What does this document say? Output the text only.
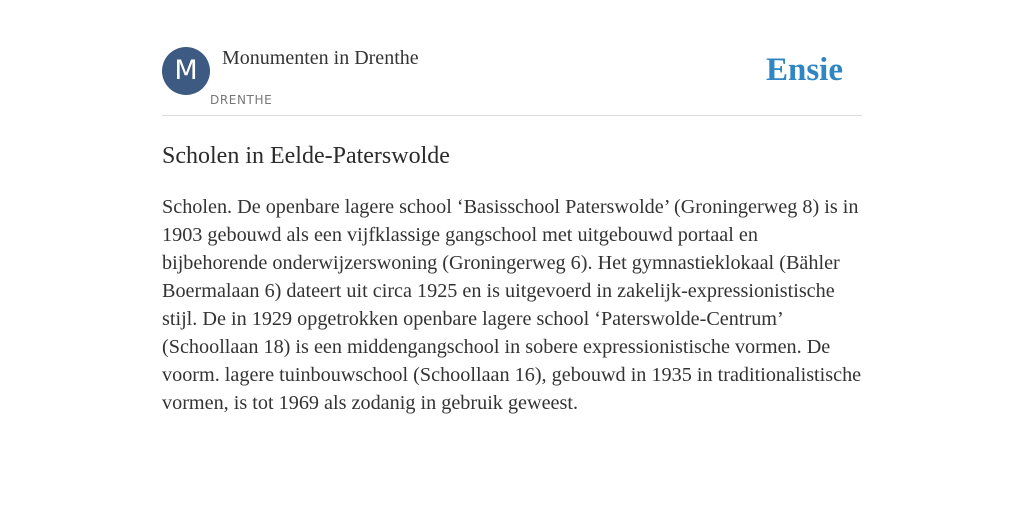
M	Monumenten in Drenthe
DRENTHE
Ensie
Scholen in Eelde-Paterswolde

Scholen. De openbare lagere school ‘Basisschool Paterswolde’ (Groningerweg 8) is in 1903 gebouwd als een vijfklassige gangschool met uitgebouwd portaal en bijbehorende onderwijzerswoning (Groningerweg 6). Het gymnastieklokaal (Bähler Boermalaan 6) dateert uit circa 1925 en is uitgevoerd in zakelijk-expressionistische stijl. De in 1929 opgetrokken openbare lagere school ‘Paterswolde-Centrum’ (Schoollaan 18) is een middengangschool in sobere expressionistische vormen. De voorm. lagere tuinbouwschool (Schoollaan 16), gebouwd in 1935 in traditionalistische vormen, is tot 1969 als zodanig in gebruik geweest.
